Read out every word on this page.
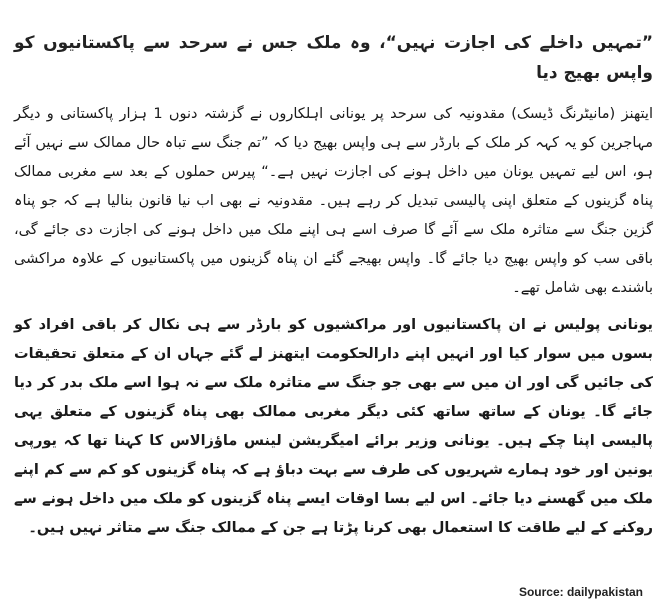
”تمہیں داخلے کی اجازت نہیں“، وہ ملک جس نے سرحد سے پاکستانیوں کو واپس بھیج دیا

ایتھنز (مانیٹرنگ ڈیسک) مقدونیہ کی سرحد پر یونانی اہلکاروں نے گزشتہ دنوں 1 ہزار پاکستانی و دیگر مہاجرین کو یہ کہہ کر ملک کے بارڈر سے ہی واپس بھیج دیا کہ ”تم جنگ سے تباہ حال ممالک سے نہیں آئے ہو، اس لیے تمہیں یونان میں داخل ہونے کی اجازت نہیں ہے۔“ پیرس حملوں کے بعد سے مغربی ممالک پناہ گزینوں کے متعلق اپنی پالیسی تبدیل کر رہے ہیں۔ مقدونیہ نے بھی اب نیا قانون بنالیا ہے کہ جو پناہ گزین جنگ سے متاثرہ ملک سے آئے گا صرف اسے ہی اپنے ملک میں داخل ہونے کی اجازت دی جائے گی، باقی سب کو واپس بھیج دیا جائے گا۔ واپس بھیجے گئے ان پناہ گزینوں میں پاکستانیوں کے علاوہ مراکشی باشندے بھی شامل تھے۔

یونانی پولیس نے ان پاکستانیوں اور مراکشیوں کو بارڈر سے ہی نکال کر باقی افراد کو بسوں میں سوار کیا اور انہیں اپنے دارالحکومت ایتھنز لے گئے جہاں ان کے متعلق تحقیقات کی جائیں گی اور ان میں سے بھی جو جنگ سے متاثرہ ملک سے نہ ہوا اسے ملک بدر کر دیا جائے گا۔ یونان کے ساتھ ساتھ کئی دیگر مغربی ممالک بھی پناہ گزینوں کے متعلق یہی پالیسی اپنا چکے ہیں۔ یونانی وزیر برائے امیگریشن لینس ماؤزالاس کا کہنا تھا کہ یورپی یونین اور خود ہمارے شہریوں کی طرف سے بہت دباؤ ہے کہ پناہ گزینوں کو کم سے کم اپنے ملک میں گھسنے دیا جائے۔ اس لیے بسا اوقات ایسے پناہ گزینوں کو ملک میں داخل ہونے سے روکنے کے لیے طاقت کا استعمال بھی کرنا پڑتا ہے جن کے ممالک جنگ سے متاثر نہیں ہیں۔

Source: dailypakistan
